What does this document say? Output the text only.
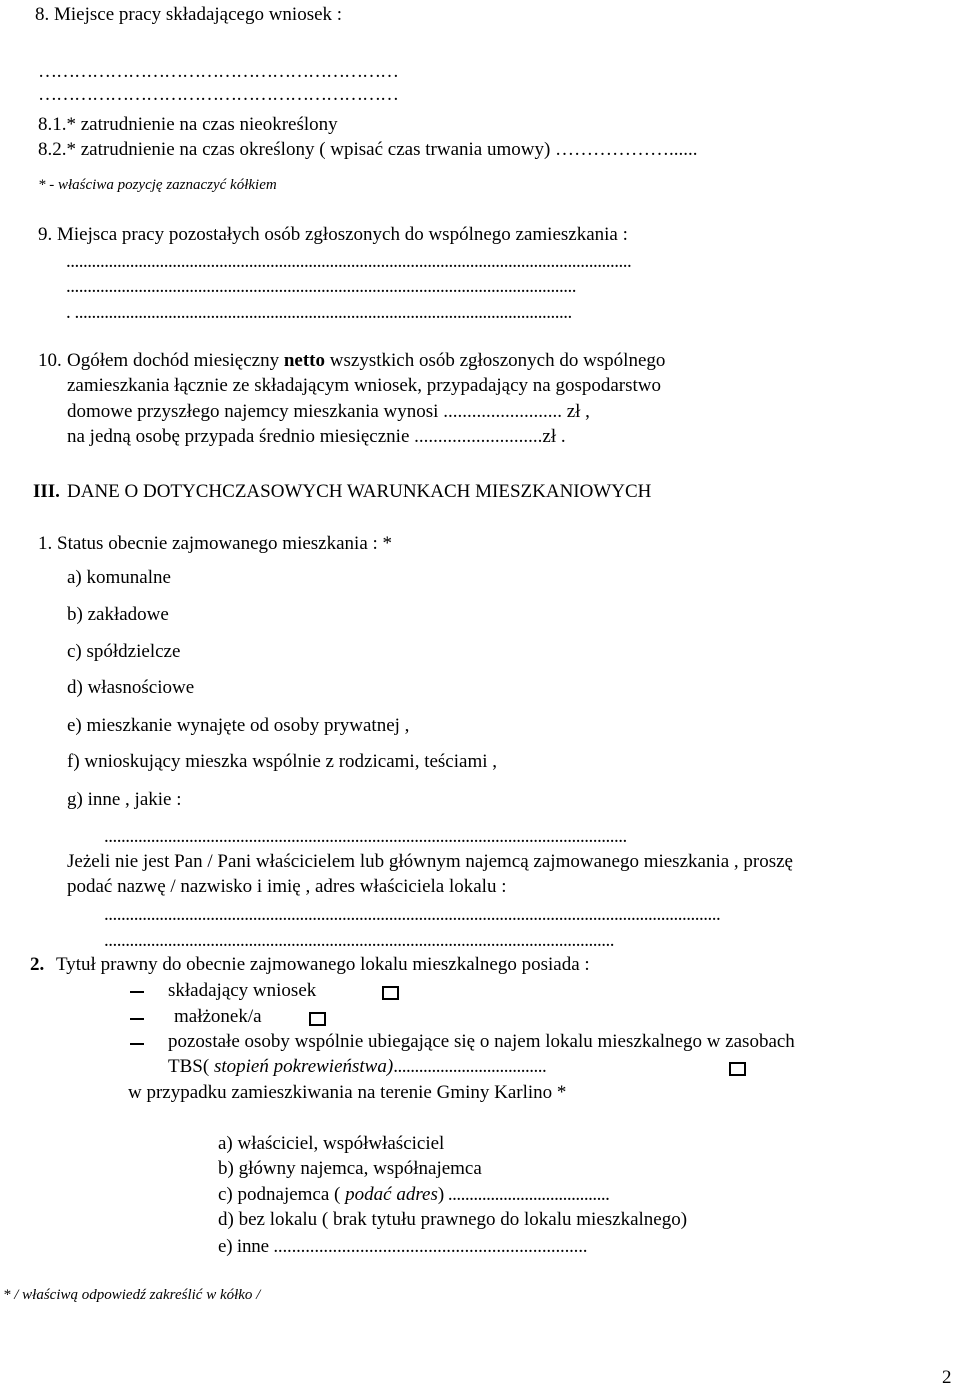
8. Miejsce pracy składającego wniosek :
……………………………………………………
……………………………………………………
8.1.* zatrudnienie na czas nieokreślony
8.2.* zatrudnienie na czas określony ( wpisać czas trwania umowy) ………………......
* - właściwa pozycję zaznaczyć kółkiem
9. Miejsca pracy pozostałych osób zgłoszonych do wspólnego zamieszkania :
.....................................................................................................................................
........................................................................................................................
. .....................................................................................................................
10. Ogółem dochód miesięczny netto wszystkich osób zgłoszonych do wspólnego
zamieszkania łącznie ze składającym wniosek, przypadający na gospodarstwo
domowe przyszłego najemcy mieszkania wynosi ......................... zł ,
na jedną osobę przypada średnio miesięcznie ...........................zł .
III. DANE O DOTYCHCZASOWYCH WARUNKACH MIESZKANIOWYCH
1. Status obecnie zajmowanego mieszkania : *
a) komunalne
b) zakładowe
c) spółdzielcze
d) własnościowe
e) mieszkanie wynajęte od osoby prywatnej ,
f) wnioskujący mieszka wspólnie z rodzicami, teściami ,
g) inne , jakie :
...........................................................................................................................
Jeżeli nie jest Pan / Pani właścicielem lub głównym najemcą zajmowanego mieszkania , proszę
podać nazwę / nazwisko i imię , adres właściciela lokalu :
.................................................................................................................................................
........................................................................................................................
2. Tytuł prawny do obecnie zajmowanego lokalu mieszkalnego posiada :
składający wniosek
małżonek/a
pozostałe osoby wspólnie ubiegające się o najem lokalu mieszkalnego w zasobach
TBS( stopień pokrewieństwa)....................................
w przypadku zamieszkiwania na terenie Gminy Karlino *
a) właściciel, współwłaściciel
b) główny najemca, współnajemca
c) podnajemca ( podać adres) ......................................
d) bez lokalu ( brak tytułu prawnego do lokalu mieszkalnego)
e) inne .....................................................................
* / właściwą odpowiedź zakreślić w kółko /
2
